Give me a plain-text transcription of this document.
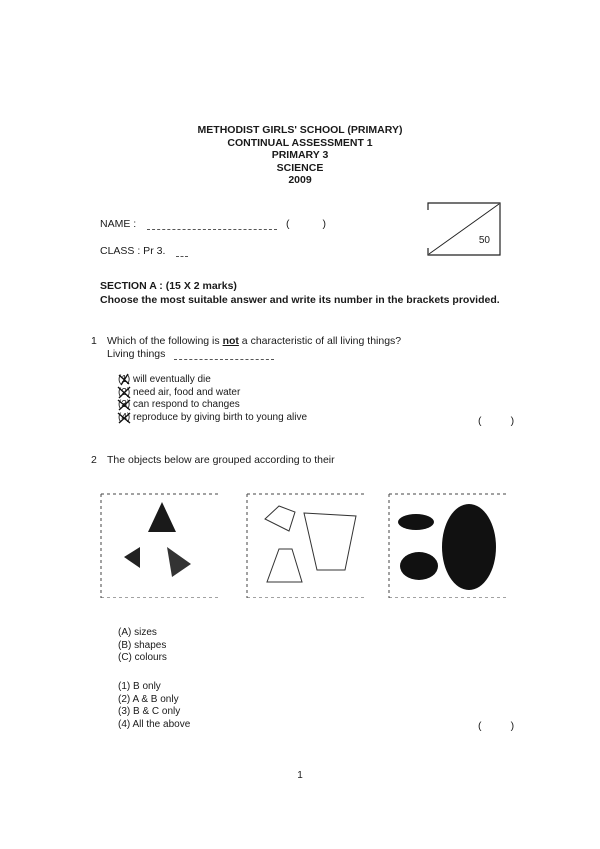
METHODIST GIRLS' SCHOOL (PRIMARY)
CONTINUAL ASSESSMENT 1
PRIMARY 3
SCIENCE
2009
NAME :	(	)
CLASS : Pr 3.
50
SECTION A : (15 X 2 marks)
Choose the most suitable answer and write its number in the brackets provided.
1 Which of the following is not a characteristic of all living things?
Living things
(1) will eventually die
(2) need air, food and water
(3) can respond to changes
(4) reproduce by giving birth to young alive	(          )
2 The objects below are grouped according to their
(A) sizes
(B) shapes
(C) colours
(1) B only
(2) A & B only
(3) B & C only
(4) All the above	(          )
1
